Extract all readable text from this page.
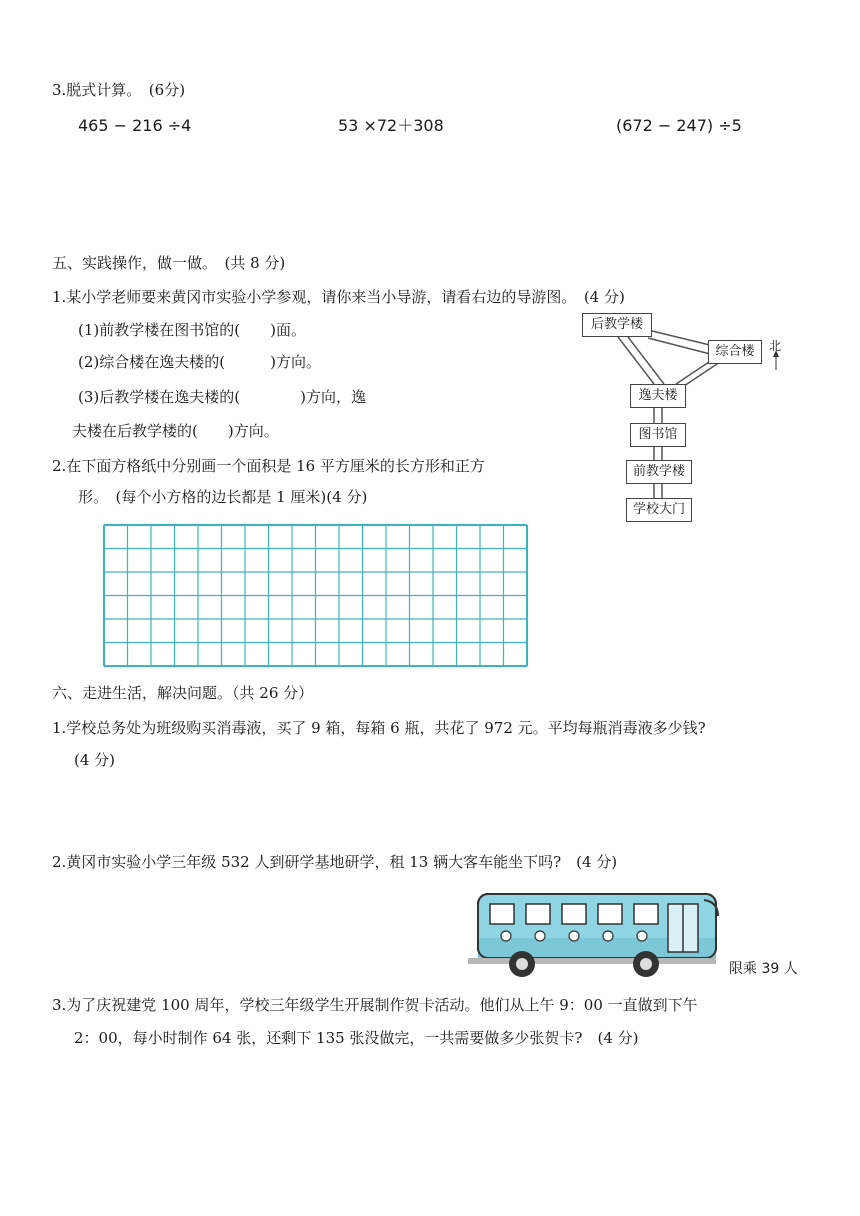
3.脱式计算。　(6分)
465 − 216 ÷4	53 ×72＋308	(672 − 247) ÷5
五、实践操作，做一做。　(共 8 分)
1.某小学老师要来黄冈市实验小学参观，请你来当小导游，请看右边的导游图。　(4 分)
(1)前教学楼在图书馆的(　　)面。
(2)综合楼在逸夫楼的(　　　)方向。
(3)后教学楼在逸夫楼的(　　　　)方向，逸
夫楼在后教学楼的(　　)方向。
北
后教学楼
综合楼
逸夫楼
图书馆
前教学楼
学校大门
2.在下面方格纸中分别画一个面积是 16 平方厘米的长方形和正方
形。　(每个小方格的边长都是 1 厘米)(4 分)
六、走进生活，解决问题。（共 26 分）
1.学校总务处为班级购买消毒液，买了 9 箱，每箱 6 瓶，共花了 972 元。平均每瓶消毒液多少钱?
(4 分)
2.黄冈市实验小学三年级 532 人到研学基地研学，租 13 辆大客车能坐下吗?　(4 分)
限乘 39 人
3.为了庆祝建党 100 周年，学校三年级学生开展制作贺卡活动。他们从上午 9：00 一直做到下午
2：00，每小时制作 64 张，还剩下 135 张没做完，一共需要做多少张贺卡?　(4 分)
